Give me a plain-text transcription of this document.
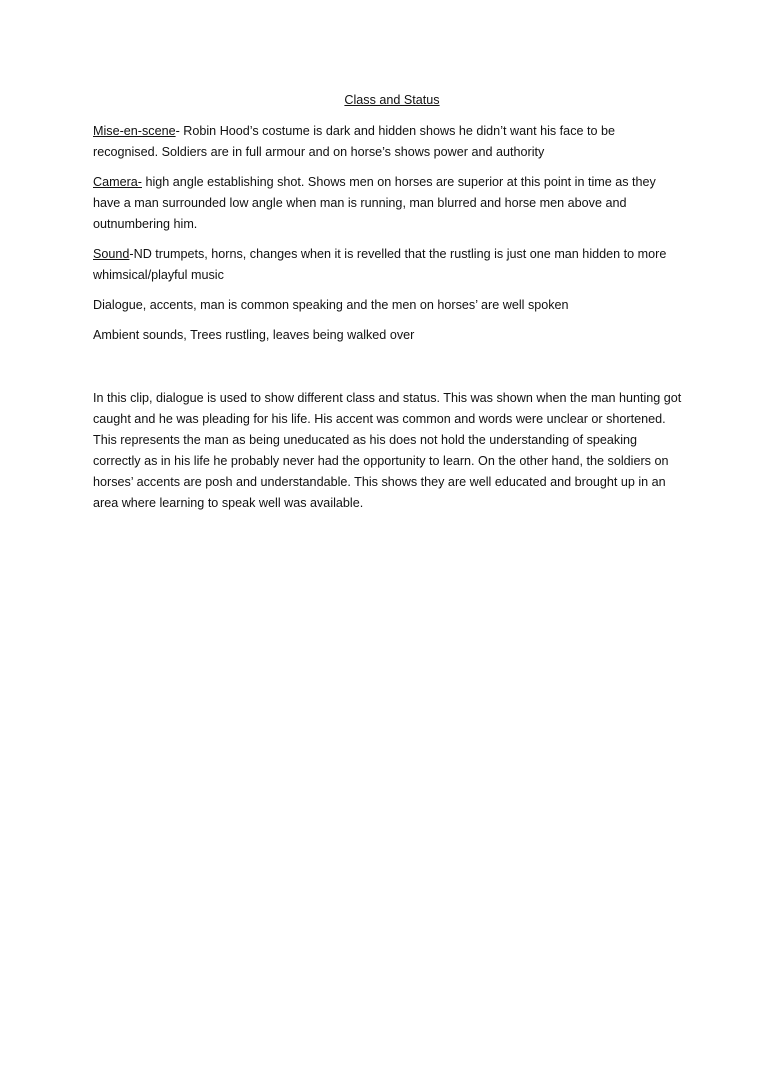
Class and Status

Mise-en-scene- Robin Hood’s costume is dark and hidden shows he didn’t want his face to be recognised. Soldiers are in full armour and on horse’s shows power and authority

Camera- high angle establishing shot. Shows men on horses are superior at this point in time as they have a man surrounded low angle when man is running, man blurred and horse men above and outnumbering him.

Sound-ND trumpets, horns, changes when it is revelled that the rustling is just one man hidden to more whimsical/playful music

Dialogue, accents, man is common speaking and the men on horses’ are well spoken

Ambient sounds, Trees rustling, leaves being walked over

In this clip, dialogue is used to show different class and status. This was shown when the man hunting got caught and he was pleading for his life. His accent was common and words were unclear or shortened. This represents the man as being uneducated as his does not hold the understanding of speaking correctly as in his life he probably never had the opportunity to learn. On the other hand, the soldiers on horses’ accents are posh and understandable. This shows they are well educated and brought up in an area where learning to speak well was available.
